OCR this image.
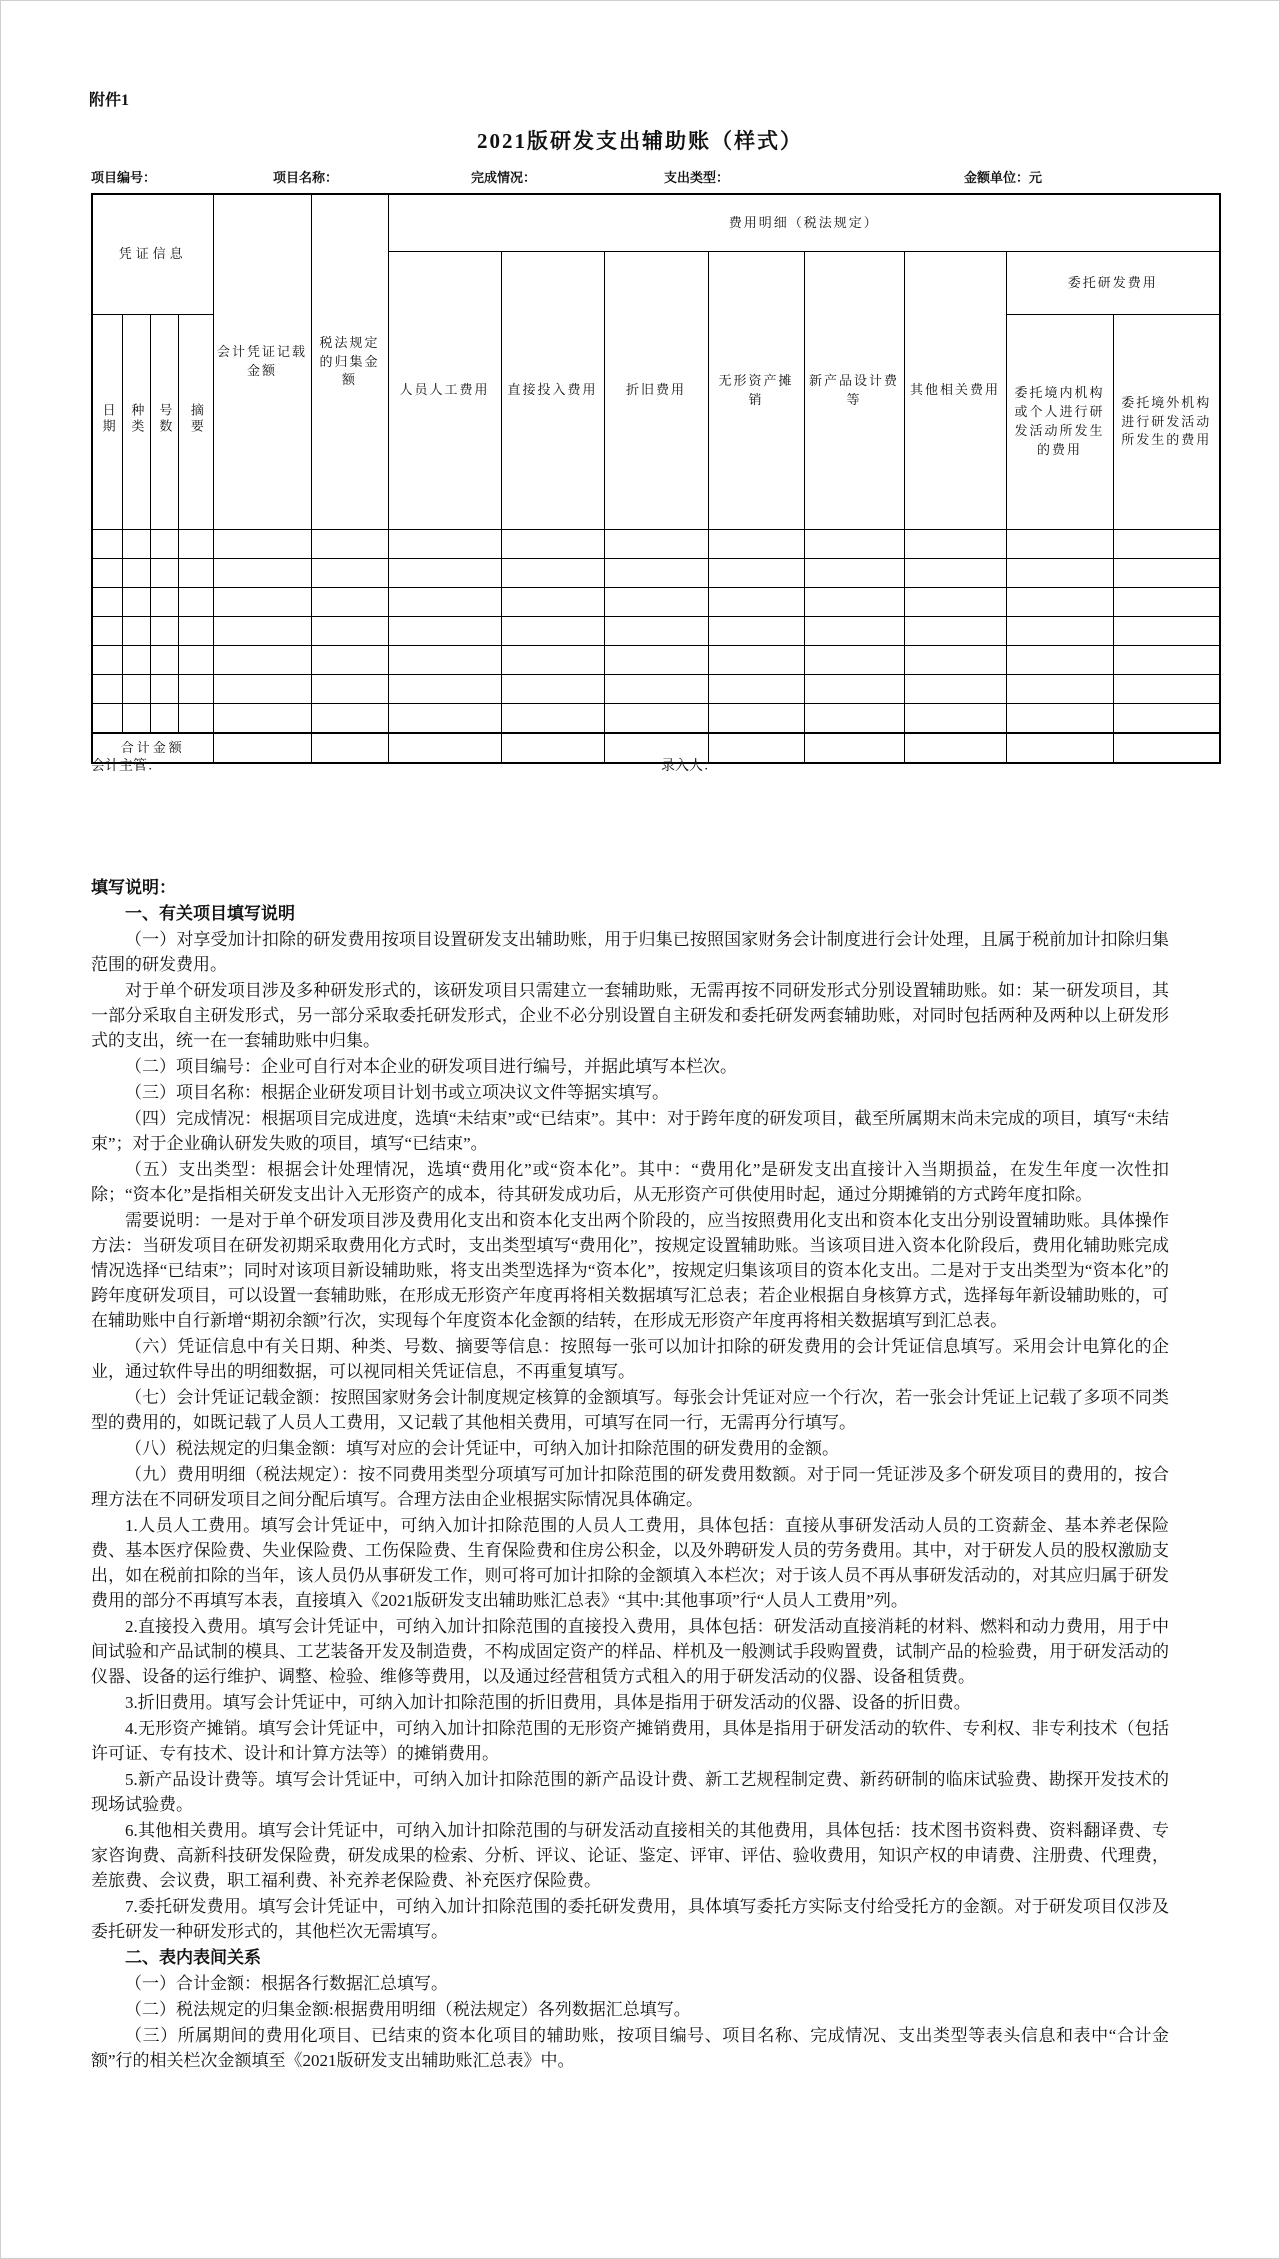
附件1
2021版研发支出辅助账（样式）
项目编号：	项目名称：	完成情况：	支出类型：	金额单位：元
凭证信息				会计凭证记载金额	税法规定的归集金额	费用明细（税法规定）							
						人员人工费用	直接投入费用	折旧费用	无形资产摊销	新产品设计费等	其他相关费用	委托研发费用	
日期	种类	号数	摘要									委托境内机构或个人进行研发活动所发生的费用	委托境外机构进行研发活动所发生的费用

合计金额													
会计主管：	录入人：

填写说明：

一、有关项目填写说明

（一）对享受加计扣除的研发费用按项目设置研发支出辅助账，用于归集已按照国家财务会计制度进行会计处理，且属于税前加计扣除归集范围的研发费用。

对于单个研发项目涉及多种研发形式的，该研发项目只需建立一套辅助账，无需再按不同研发形式分别设置辅助账。如：某一研发项目，其一部分采取自主研发形式，另一部分采取委托研发形式，企业不必分别设置自主研发和委托研发两套辅助账，对同时包括两种及两种以上研发形式的支出，统一在一套辅助账中归集。

（二）项目编号：企业可自行对本企业的研发项目进行编号，并据此填写本栏次。

（三）项目名称：根据企业研发项目计划书或立项决议文件等据实填写。

（四）完成情况：根据项目完成进度，选填“未结束”或“已结束”。其中：对于跨年度的研发项目，截至所属期末尚未完成的项目，填写“未结束”；对于企业确认研发失败的项目，填写“已结束”。

（五）支出类型：根据会计处理情况，选填“费用化”或“资本化”。其中：“费用化”是研发支出直接计入当期损益，在发生年度一次性扣除；“资本化”是指相关研发支出计入无形资产的成本，待其研发成功后，从无形资产可供使用时起，通过分期摊销的方式跨年度扣除。

需要说明：一是对于单个研发项目涉及费用化支出和资本化支出两个阶段的，应当按照费用化支出和资本化支出分别设置辅助账。具体操作方法：当研发项目在研发初期采取费用化方式时，支出类型填写“费用化”，按规定设置辅助账。当该项目进入资本化阶段后，费用化辅助账完成情况选择“已结束”；同时对该项目新设辅助账，将支出类型选择为“资本化”，按规定归集该项目的资本化支出。二是对于支出类型为“资本化”的跨年度研发项目，可以设置一套辅助账，在形成无形资产年度再将相关数据填写汇总表；若企业根据自身核算方式，选择每年新设辅助账的，可在辅助账中自行新增“期初余额”行次，实现每个年度资本化金额的结转，在形成无形资产年度再将相关数据填写到汇总表。

（六）凭证信息中有关日期、种类、号数、摘要等信息：按照每一张可以加计扣除的研发费用的会计凭证信息填写。采用会计电算化的企业，通过软件导出的明细数据，可以视同相关凭证信息，不再重复填写。

（七）会计凭证记载金额：按照国家财务会计制度规定核算的金额填写。每张会计凭证对应一个行次，若一张会计凭证上记载了多项不同类型的费用的，如既记载了人员人工费用，又记载了其他相关费用，可填写在同一行，无需再分行填写。

（八）税法规定的归集金额：填写对应的会计凭证中，可纳入加计扣除范围的研发费用的金额。

（九）费用明细（税法规定）：按不同费用类型分项填写可加计扣除范围的研发费用数额。对于同一凭证涉及多个研发项目的费用的，按合理方法在不同研发项目之间分配后填写。合理方法由企业根据实际情况具体确定。

1.人员人工费用。填写会计凭证中，可纳入加计扣除范围的人员人工费用，具体包括：直接从事研发活动人员的工资薪金、基本养老保险费、基本医疗保险费、失业保险费、工伤保险费、生育保险费和住房公积金，以及外聘研发人员的劳务费用。其中，对于研发人员的股权激励支出，如在税前扣除的当年，该人员仍从事研发工作，则可将可加计扣除的金额填入本栏次；对于该人员不再从事研发活动的，对其应归属于研发费用的部分不再填写本表，直接填入《2021版研发支出辅助账汇总表》“其中:其他事项”行“人员人工费用”列。

2.直接投入费用。填写会计凭证中，可纳入加计扣除范围的直接投入费用，具体包括：研发活动直接消耗的材料、燃料和动力费用，用于中间试验和产品试制的模具、工艺装备开发及制造费，不构成固定资产的样品、样机及一般测试手段购置费，试制产品的检验费，用于研发活动的仪器、设备的运行维护、调整、检验、维修等费用，以及通过经营租赁方式租入的用于研发活动的仪器、设备租赁费。

3.折旧费用。填写会计凭证中，可纳入加计扣除范围的折旧费用，具体是指用于研发活动的仪器、设备的折旧费。

4.无形资产摊销。填写会计凭证中，可纳入加计扣除范围的无形资产摊销费用，具体是指用于研发活动的软件、专利权、非专利技术（包括许可证、专有技术、设计和计算方法等）的摊销费用。

5.新产品设计费等。填写会计凭证中，可纳入加计扣除范围的新产品设计费、新工艺规程制定费、新药研制的临床试验费、勘探开发技术的现场试验费。

6.其他相关费用。填写会计凭证中，可纳入加计扣除范围的与研发活动直接相关的其他费用，具体包括：技术图书资料费、资料翻译费、专家咨询费、高新科技研发保险费，研发成果的检索、分析、评议、论证、鉴定、评审、评估、验收费用，知识产权的申请费、注册费、代理费，差旅费、会议费，职工福利费、补充养老保险费、补充医疗保险费。

7.委托研发费用。填写会计凭证中，可纳入加计扣除范围的委托研发费用，具体填写委托方实际支付给受托方的金额。对于研发项目仅涉及委托研发一种研发形式的，其他栏次无需填写。

二、表内表间关系

（一）合计金额：根据各行数据汇总填写。

（二）税法规定的归集金额:根据费用明细（税法规定）各列数据汇总填写。

（三）所属期间的费用化项目、已结束的资本化项目的辅助账，按项目编号、项目名称、完成情况、支出类型等表头信息和表中“合计金额”行的相关栏次金额填至《2021版研发支出辅助账汇总表》中。
